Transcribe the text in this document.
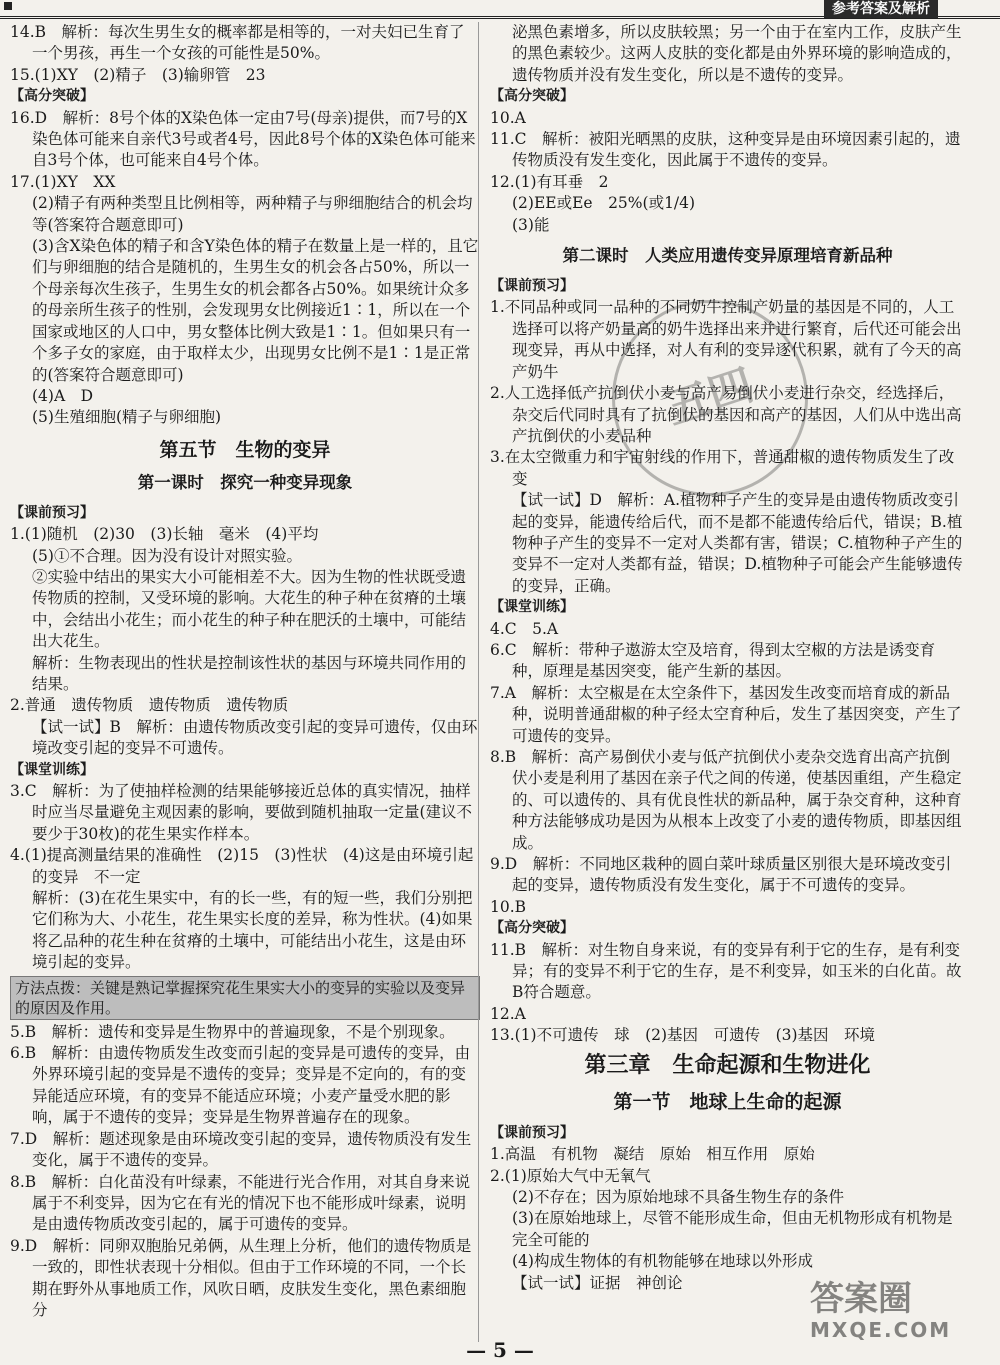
参考答案及解析
14.B　解析：每次生男生女的概率都是相等的，一对夫妇已生育了一个男孩，再生一个女孩的可能性是50%。
15.(1)XY　(2)精子　(3)输卵管　23
【高分突破】
16.D　解析：8号个体的X染色体一定由7号(母亲)提供，而7号的X染色体可能来自亲代3号或者4号，因此8号个体的X染色体可能来自3号个体，也可能来自4号个体。
17.(1)XY　XX
(2)精子有两种类型且比例相等，两种精子与卵细胞结合的机会均等(答案符合题意即可)
(3)含X染色体的精子和含Y染色体的精子在数量上是一样的，且它们与卵细胞的结合是随机的，生男生女的机会各占50%，所以一个母亲每次生孩子，生男生女的机会都各占50%。如果统计众多的母亲所生孩子的性别，会发现男女比例接近1∶1，所以在一个国家或地区的人口中，男女整体比例大致是1∶1。但如果只有一个多子女的家庭，由于取样太少，出现男女比例不是1∶1是正常的(答案符合题意即可)
(4)A　D
(5)生殖细胞(精子与卵细胞)
第五节　生物的变异
第一课时　探究一种变异现象
【课前预习】
1.(1)随机　(2)30　(3)长轴　毫米　(4)平均
(5)①不合理。因为没有设计对照实验。
②实验中结出的果实大小可能相差不大。因为生物的性状既受遗传物质的控制，又受环境的影响。大花生的种子种在贫瘠的土壤中，会结出小花生；而小花生的种子种在肥沃的土壤中，可能结出大花生。
解析：生物表现出的性状是控制该性状的基因与环境共同作用的结果。
2.普通　遗传物质　遗传物质　遗传物质
【试一试】B　解析：由遗传物质改变引起的变异可遗传，仅由环境改变引起的变异不可遗传。
【课堂训练】
3.C　解析：为了使抽样检测的结果能够接近总体的真实情况，抽样时应当尽量避免主观因素的影响，要做到随机抽取一定量(建议不要少于30枚)的花生果实作样本。
4.(1)提高测量结果的准确性　(2)15　(3)性状　(4)这是由环境引起的变异　不一定
解析：(3)在花生果实中，有的长一些，有的短一些，我们分别把它们称为大、小花生，花生果实长度的差异，称为性状。(4)如果将乙品种的花生种在贫瘠的土壤中，可能结出小花生，这是由环境引起的变异。
方法点拨：关键是熟记掌握探究花生果实大小的变异的实验以及变异的原因及作用。
5.B　解析：遗传和变异是生物界中的普遍现象，不是个别现象。
6.B　解析：由遗传物质发生改变而引起的变异是可遗传的变异，由外界环境引起的变异是不遗传的变异；变异是不定向的，有的变异能适应环境，有的变异不能适应环境；小麦产量受水肥的影响，属于不遗传的变异；变异是生物界普遍存在的现象。
7.D　解析：题述现象是由环境改变引起的变异，遗传物质没有发生变化，属于不遗传的变异。
8.B　解析：白化苗没有叶绿素，不能进行光合作用，对其自身来说属于不利变异，因为它在有光的情况下也不能形成叶绿素，说明是由遗传物质改变引起的，属于可遗传的变异。
9.D　解析：同卵双胞胎兄弟俩，从生理上分析，他们的遗传物质是一致的，即性状表现十分相似。但由于工作环境的不同，一个长期在野外从事地质工作，风吹日晒，皮肤发生变化，黑色素细胞分
泌黑色素增多，所以皮肤较黑；另一个由于在室内工作，皮肤产生的黑色素较少。这两人皮肤的变化都是由外界环境的影响造成的，遗传物质并没有发生变化，所以是不遗传的变异。
【高分突破】
10.A
11.C　解析：被阳光晒黑的皮肤，这种变异是由环境因素引起的，遗传物质没有发生变化，因此属于不遗传的变异。
12.(1)有耳垂　2
(2)EE或Ee　25%(或1/4)
(3)能
第二课时　人类应用遗传变异原理培育新品种
【课前预习】
1.不同品种或同一品种的不同奶牛控制产奶量的基因是不同的，人工选择可以将产奶量高的奶牛选择出来并进行繁育，后代还可能会出现变异，再从中选择，对人有利的变异逐代积累，就有了今天的高产奶牛
2.人工选择低产抗倒伏小麦与高产易倒伏小麦进行杂交，经选择后，杂交后代同时具有了抗倒伏的基因和高产的基因，人们从中选出高产抗倒伏的小麦品种
3.在太空微重力和宇宙射线的作用下，普通甜椒的遗传物质发生了改变
【试一试】D　解析：A.植物种子产生的变异是由遗传物质改变引起的变异，能遗传给后代，而不是都不能遗传给后代，错误；B.植物种子产生的变异不一定对人类都有害，错误；C.植物种子产生的变异不一定对人类都有益，错误；D.植物种子可能会产生能够遗传的变异，正确。
【课堂训练】
4.C　5.A
6.C　解析：带种子遨游太空及培育，得到太空椒的方法是诱变育种，原理是基因突变，能产生新的基因。
7.A　解析：太空椒是在太空条件下，基因发生改变而培育成的新品种，说明普通甜椒的种子经太空育种后，发生了基因突变，产生了可遗传的变异。
8.B　解析：高产易倒伏小麦与低产抗倒伏小麦杂交选育出高产抗倒伏小麦是利用了基因在亲子代之间的传递，使基因重组，产生稳定的、可以遗传的、具有优良性状的新品种，属于杂交育种，这种育种方法能够成功是因为从根本上改变了小麦的遗传物质，即基因组成。
9.D　解析：不同地区栽种的圆白菜叶球质量区别很大是环境改变引起的变异，遗传物质没有发生变化，属于不可遗传的变异。
10.B
【高分突破】
11.B　解析：对生物自身来说，有的变异有利于它的生存，是有利变异；有的变异不利于它的生存，是不利变异，如玉米的白化苗。故B符合题意。
12.A
13.(1)不可遗传　球　(2)基因　可遗传　(3)基因　环境
第三章　生命起源和生物进化
第一节　地球上生命的起源
【课前预习】
1.高温　有机物　凝结　原始　相互作用　原始
2.(1)原始大气中无氧气
(2)不存在；因为原始地球不具备生物生存的条件
(3)在原始地球上，尽管不能形成生命，但由无机物形成有机物是完全可能的
(4)构成生物体的有机物能够在地球以外形成
【试一试】证据　神创论
五四
答案圈
MXQE.COM
— 5 —
